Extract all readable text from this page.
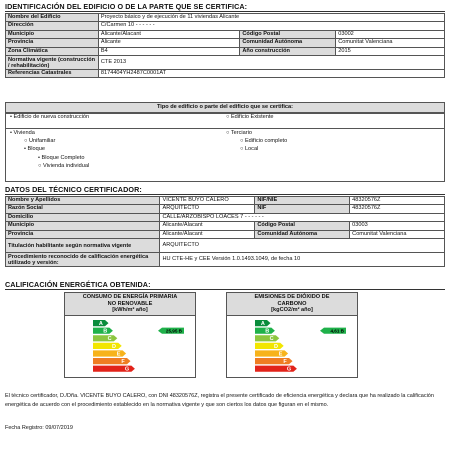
IDENTIFICACIÓN DEL EDIFICIO O DE LA PARTE QUE SE CERTIFICA:
Nombre del Edificio	Proyecto básico y de ejecución de 11 viviendas Alicante		
Dirección	C/Carmen 10 - - - - - -		
Municipio	Alicante/Alacant	Código Postal	03002
Provincia	Alicante	Comunidad Autónoma	Comunitat Valenciana
Zona Climática	B4	Año construcción	2015
Normativa vigente (construcción / rehabilitación)	CTE 2013		
Referencias Catastrales	8174404YH2487C0001AT		
Tipo de edificio o parte del edificio que se certifica:
• Edificio de nueva construcción	○ Edificio Existente
• Vivienda
○ Unifamiliar
• Bloque
• Bloque Completo
○ Vivienda individual
○ Terciario
○ Edificio completo
○ Local
DATOS DEL TÉCNICO CERTIFICADOR:
Nombre y Apellidos	VICENTE BUYO CALERO	NIF/NIE	48320576Z
Razón Social	ARQUITECTO	NIF	48320576Z
Domicilio	CALLE/ARZOBISPO LOACES 7 - - - - - -		
Municipio	Alicante/Alacant	Código Postal	03003
Provincia	Alicante/Alacant	Comunidad Autónoma	Comunitat Valenciana
Titulación habilitante según normativa vigente	ARQUITECTO		
Procedimiento reconocido de calificación energética utilizado y versión:	HU CTE-HE y CEE Versión 1.0.1493.1049, de fecha 10		
CALIFICACIÓN ENERGÉTICA OBTENIDA:
CONSUMO DE ENERGÍA PRIMARIA NO RENOVABLE
[kWh/m² año]
A
B	25,95 B
C
D
E
F
G
EMISIONES DE DIÓXIDO DE CARBONO
[kgCO2/m² año]
A
B	4,61 B
C
D
E
F
G
El técnico certificador, D./Dña. VICENTE BUYO CALERO, con DNI 48320576Z, registra el presente certificado de eficiencia energética y declara que ha realizado la calificación energética de acuerdo con el procedimiento establecido en la normativa vigente y que son ciertos los datos que figuran en el mismo.
Fecha Registro: 09/07/2019
